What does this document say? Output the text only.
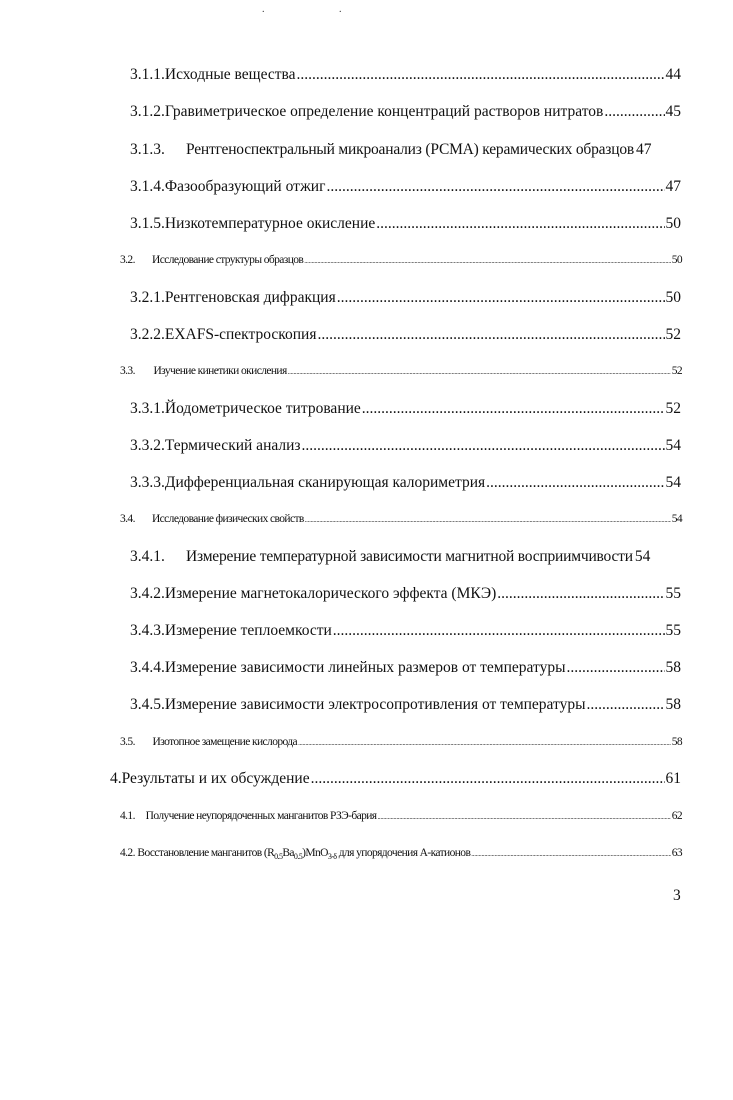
. .
3.1.1. Исходные вещества .....	44
3.1.2. Гравиметрическое определение концентраций растворов нитратов .....	45
3.1.3.	Рентгеноспектральный микроанализ (РСМА) керамических образцов 47
3.1.4. Фазообразующий отжиг .....	47
3.1.5. Низкотемпературное окисление .....	50
3.2.	Исследование структуры образцов .....	50
3.2.1. Рентгеновская дифракция .....	50
3.2.2. EXAFS-спектроскопия .....	52
3.3.	Изучение кинетики окисления .....	52
3.3.1. Йодометрическое титрование .....	52
3.3.2. Термический анализ .....	54
3.3.3. Дифференциальная сканирующая калориметрия .....	54
3.4.	Исследование физических свойств .....	54
3.4.1.	Измерение температурной зависимости магнитной восприимчивости 54
3.4.2. Измерение магнетокалорического эффекта (МКЭ) .....	55
3.4.3. Измерение теплоемкости .....	55
3.4.4. Измерение зависимости линейных размеров от температуры .....	58
3.4.5. Измерение зависимости электросопротивления от температуры .....	58
3.5.	Изотопное замещение кислорода .....	58
4. Результаты и их обсуждение .....	61
4.1. Получение неупорядоченных манганитов РЗЭ-бария .....	62
4.2. Восстановление манганитов $(R_{0.5}Ba_{0.5})MnO_{3-\delta}$ для упорядочения А-катионов .....	63
3
